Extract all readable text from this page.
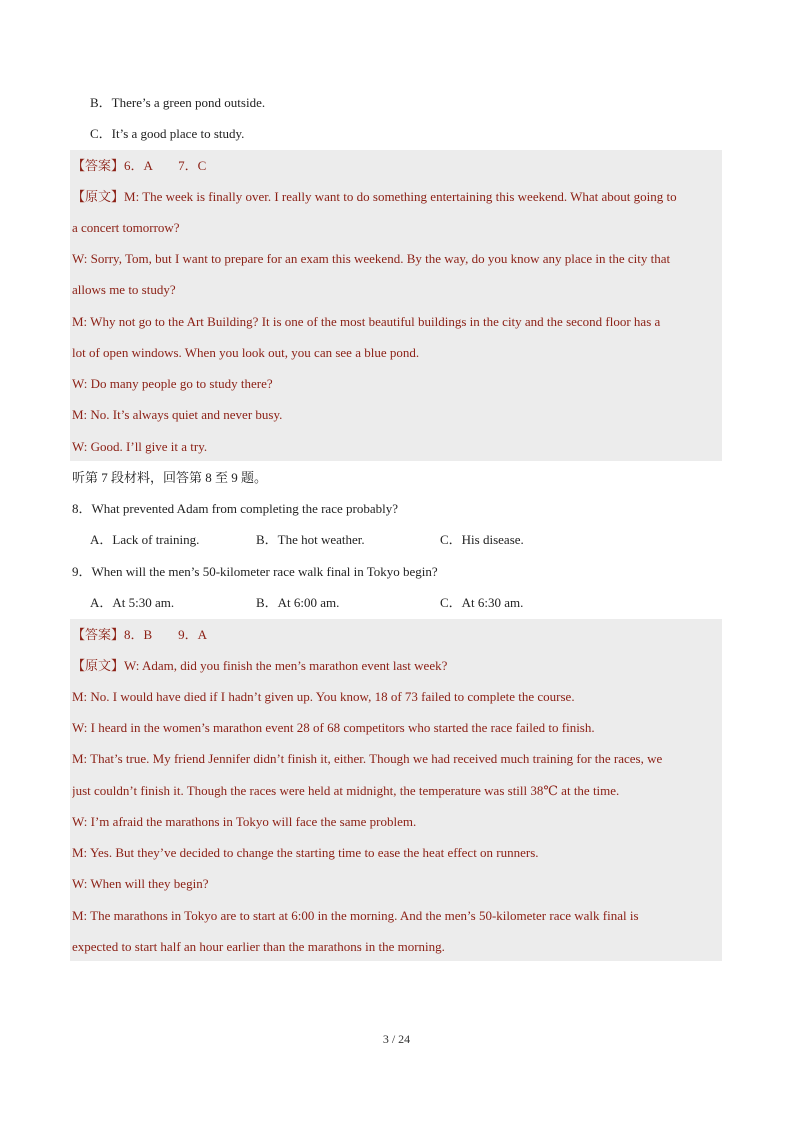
B．There’s a green pond outside.
C．It’s a good place to study.
【答案】6．A　　7．C
【原文】M: The week is finally over. I really want to do something entertaining this weekend. What about going to
a concert tomorrow?
W: Sorry, Tom, but I want to prepare for an exam this weekend. By the way, do you know any place in the city that
allows me to study?
M: Why not go to the Art Building? It is one of the most beautiful buildings in the city and the second floor has a
lot of open windows. When you look out, you can see a blue pond.
W: Do many people go to study there?
M: No. It’s always quiet and never busy.
W: Good. I’ll give it a try.
听第 7 段材料，回答第 8 至 9 题。
8．What prevented Adam from completing the race probably?
A．Lack of training.	B．The hot weather.	C．His disease.
9．When will the men’s 50-kilometer race walk final in Tokyo begin?
A．At 5:30 am.	B．At 6:00 am.	C．At 6:30 am.
【答案】8．B　　9．A
【原文】W: Adam, did you finish the men’s marathon event last week?
M: No. I would have died if I hadn’t given up. You know, 18 of 73 failed to complete the course.
W: I heard in the women’s marathon event 28 of 68 competitors who started the race failed to finish.
M: That’s true. My friend Jennifer didn’t finish it, either. Though we had received much training for the races, we
just couldn’t finish it. Though the races were held at midnight, the temperature was still 38℃ at the time.
W: I’m afraid the marathons in Tokyo will face the same problem.
M: Yes. But they’ve decided to change the starting time to ease the heat effect on runners.
W: When will they begin?
M: The marathons in Tokyo are to start at 6:00 in the morning. And the men’s 50-kilometer race walk final is
expected to start half an hour earlier than the marathons in the morning.
3 / 24
